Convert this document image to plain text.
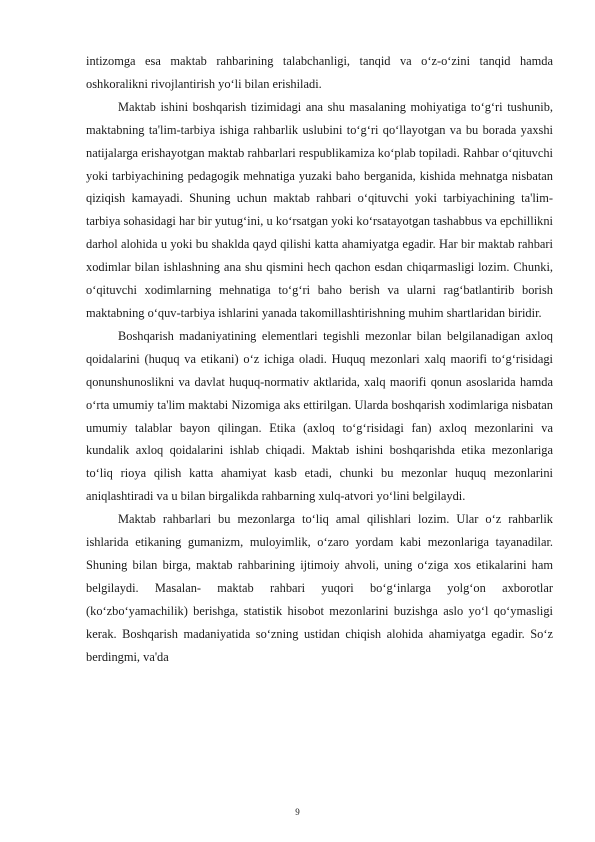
intizomga esa maktab rahbarining talabchanligi, tanqid va o‘z-o‘zini tanqid hamda oshkoralikni rivojlantirish yo‘li bilan erishiladi.

Maktab ishini boshqarish tizimidagi ana shu masalaning mohiyatiga to‘g‘ri tushunib, maktabning ta'lim-tarbiya ishiga rahbarlik uslubini to‘g‘ri qo‘llayotgan va bu borada yaxshi natijalarga erishayotgan maktab rahbarlari respublikamiza ko‘plab topiladi. Rahbar o‘qituvchi yoki tarbiyachining pedagogik mehnatiga yuzaki baho berganida, kishida mehnatga nisbatan qiziqish kamayadi. Shuning uchun maktab rahbari o‘qituvchi yoki tarbiyachining ta'lim-tarbiya sohasidagi har bir yutug‘ini, u ko‘rsatgan yoki ko‘rsatayotgan tashabbus va epchillikni darhol alohida u yoki bu shaklda qayd qilishi katta ahamiyatga egadir. Har bir maktab rahbari xodimlar bilan ishlashning ana shu qismini hech qachon esdan chiqarmasligi lozim. Chunki, o‘qituvchi xodimlarning mehnatiga to‘g‘ri baho berish va ularni rag‘batlantirib borish maktabning o‘quv-tarbiya ishlarini yanada takomillashtirishning muhim shartlaridan biridir.

Boshqarish madaniyatining elementlari tegishli mezonlar bilan belgilanadigan axloq qoidalarini (huquq va etikani) o‘z ichiga oladi. Huquq mezonlari xalq maorifi to‘g‘risidagi qonunshunoslikni va davlat huquq-normativ aktlarida, xalq maorifi qonun asoslarida hamda o‘rta umumiy ta'lim maktabi Nizomiga aks ettirilgan. Ularda boshqarish xodimlariga nisbatan umumiy talablar bayon qilingan. Etika (axloq to‘g‘risidagi fan) axloq mezonlarini va kundalik axloq qoidalarini ishlab chiqadi. Maktab ishini boshqarishda etika mezonlariga to‘liq rioya qilish katta ahamiyat kasb etadi, chunki bu mezonlar huquq mezonlarini aniqlashtiradi va u bilan birgalikda rahbarning xulq-atvori yo‘lini belgilaydi.

Maktab rahbarlari bu mezonlarga to‘liq amal qilishlari lozim. Ular o‘z rahbarlik ishlarida etikaning gumanizm, muloyimlik, o‘zaro yordam kabi mezonlariga tayanadilar. Shuning bilan birga, maktab rahbarining ijtimoiy ahvoli, uning o‘ziga xos etikalarini ham belgilaydi. Masalan- maktab rahbari yuqori bo‘g‘inlarga yolg‘on axborotlar (ko‘zbo‘yamachilik) berishga, statistik hisobot mezonlarini buzishga aslo yo‘l qo‘ymasligi kerak. Boshqarish madaniyatida so‘zning ustidan chiqish alohida ahamiyatga egadir. So‘z berdingmi, va'da

9
